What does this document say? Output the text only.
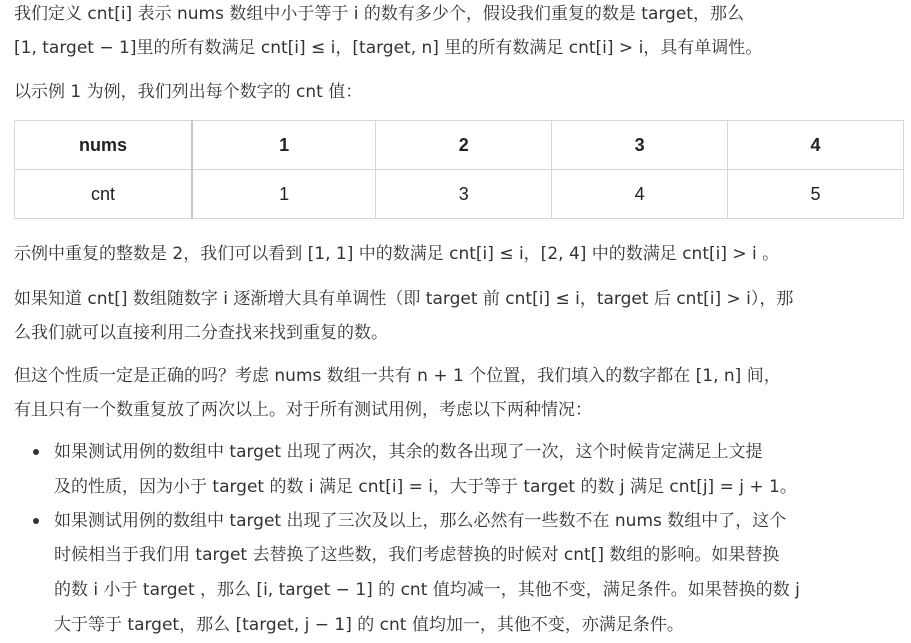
我们定义 cnt[i] 表示 nums 数组中小于等于 i 的数有多少个，假设我们重复的数是 target，那么
[1, target − 1]里的所有数满足 cnt[i] ≤ i，[target, n] 里的所有数满足 cnt[i] > i，具有单调性。
以示例 1 为例，我们列出每个数字的 cnt 值：
nums	1	2	3	4
cnt	1	3	4	5
示例中重复的整数是 2，我们可以看到 [1, 1] 中的数满足 cnt[i] ≤ i，[2, 4] 中的数满足 cnt[i] > i 。
如果知道 cnt[] 数组随数字 i 逐渐增大具有单调性（即 target 前 cnt[i] ≤ i，target 后 cnt[i] > i），那
么我们就可以直接利用二分查找来找到重复的数。
但这个性质一定是正确的吗？考虑 nums 数组一共有 n + 1 个位置，我们填入的数字都在 [1, n] 间，
有且只有一个数重复放了两次以上。对于所有测试用例，考虑以下两种情况：
如果测试用例的数组中 target 出现了两次，其余的数各出现了一次，这个时候肯定满足上文提
及的性质，因为小于 target 的数 i 满足 cnt[i] = i，大于等于 target 的数 j 满足 cnt[j] = j + 1。
如果测试用例的数组中 target 出现了三次及以上，那么必然有一些数不在 nums 数组中了，这个
时候相当于我们用 target 去替换了这些数，我们考虑替换的时候对 cnt[] 数组的影响。如果替换
的数 i 小于 target ，那么 [i, target − 1] 的 cnt 值均减一，其他不变，满足条件。如果替换的数 j
大于等于 target，那么 [target, j − 1] 的 cnt 值均加一，其他不变，亦满足条件。
